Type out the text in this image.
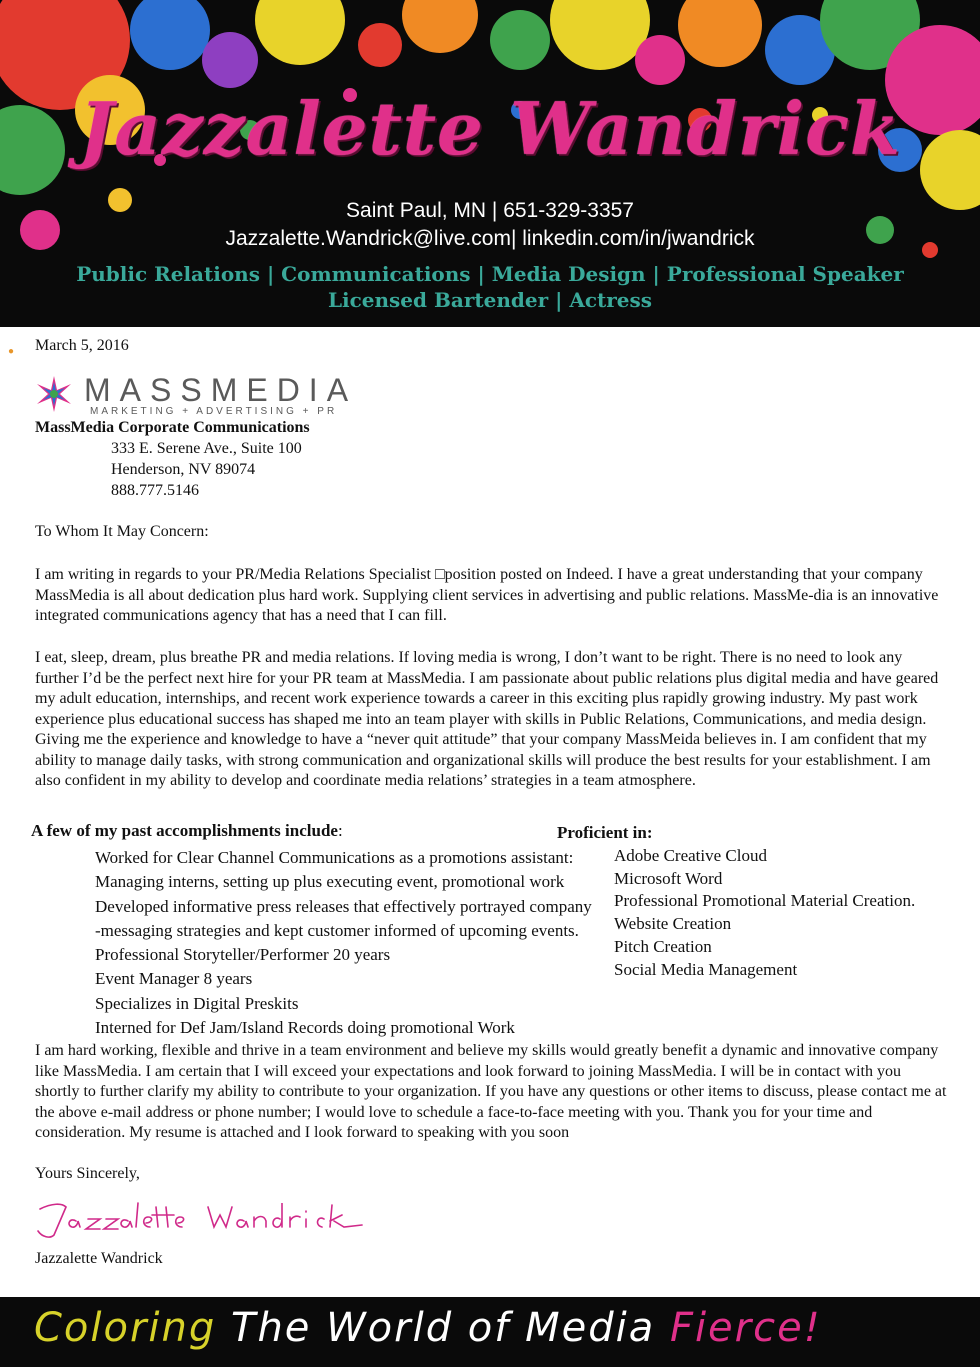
Jazzalette Wandrick
Saint Paul, MN | 651-329-3357
Jazzalette.Wandrick@live.com| linkedin.com/in/jwandrick
Public Relations | Communications | Media Design | Professional Speaker
Licensed Bartender | Actress
● March 5, 2016
MASSMEDIA
MARKETING + ADVERTISING + PR
MassMedia Corporate Communications
333 E. Serene Ave., Suite 100
Henderson, NV 89074
888.777.5146
To Whom It May Concern:
I am writing in regards to your PR/Media Relations Specialist □position posted on Indeed. I have a great understanding that your company MassMedia is all about dedication plus hard work. Supplying client services in advertising and public relations. MassMe-dia is an innovative integrated communications agency that has a need that I can fill.
I eat, sleep, dream, plus breathe PR and media relations. If loving media is wrong, I don’t want to be right. There is no need to look any further I’d be the perfect next hire for your PR team at MassMedia. I am passionate about public relations plus digital media and have geared my adult education, internships, and recent work experience towards a career in this exciting plus rapidly growing industry. My past work experience plus educational success has shaped me into an team player with skills in Public Relations, Communications, and media design. Giving me the experience and knowledge to have a “never quit attitude” that your company MassMeida believes in. I am confident that my ability to manage daily tasks, with strong communication and organizational skills will produce the best results for your establishment. I am also confident in my ability to develop and coordinate media relations’ strategies in a team atmosphere.
A few of my past accomplishments include:
Worked for Clear Channel Communications as a promotions assistant:
Managing interns, setting up plus executing event, promotional work
Developed informative press releases that effectively portrayed company
-messaging strategies and kept customer informed of upcoming events.
Professional Storyteller/Performer 20 years
Event Manager 8 years
Specializes in Digital Preskits
Interned for Def Jam/Island Records doing promotional Work
Proficient in:
Adobe Creative Cloud
Microsoft Word
Professional Promotional Material Creation.
Website Creation
Pitch Creation
Social Media Management
I am hard working, flexible and thrive in a team environment and believe my skills would greatly benefit a dynamic and innovative company like MassMedia. I am certain that I will exceed your expectations and look forward to joining MassMedia. I will be in contact with you shortly to further clarify my ability to contribute to your organization. If you have any questions or other items to discuss, please contact me at the above e-mail address or phone number; I would love to schedule a face-to-face meeting with you. Thank you for your time and consideration. My resume is attached and I look forward to speaking with you soon
Yours Sincerely,
Jazzalette Wandrick
Coloring The World of Media Fierce!
